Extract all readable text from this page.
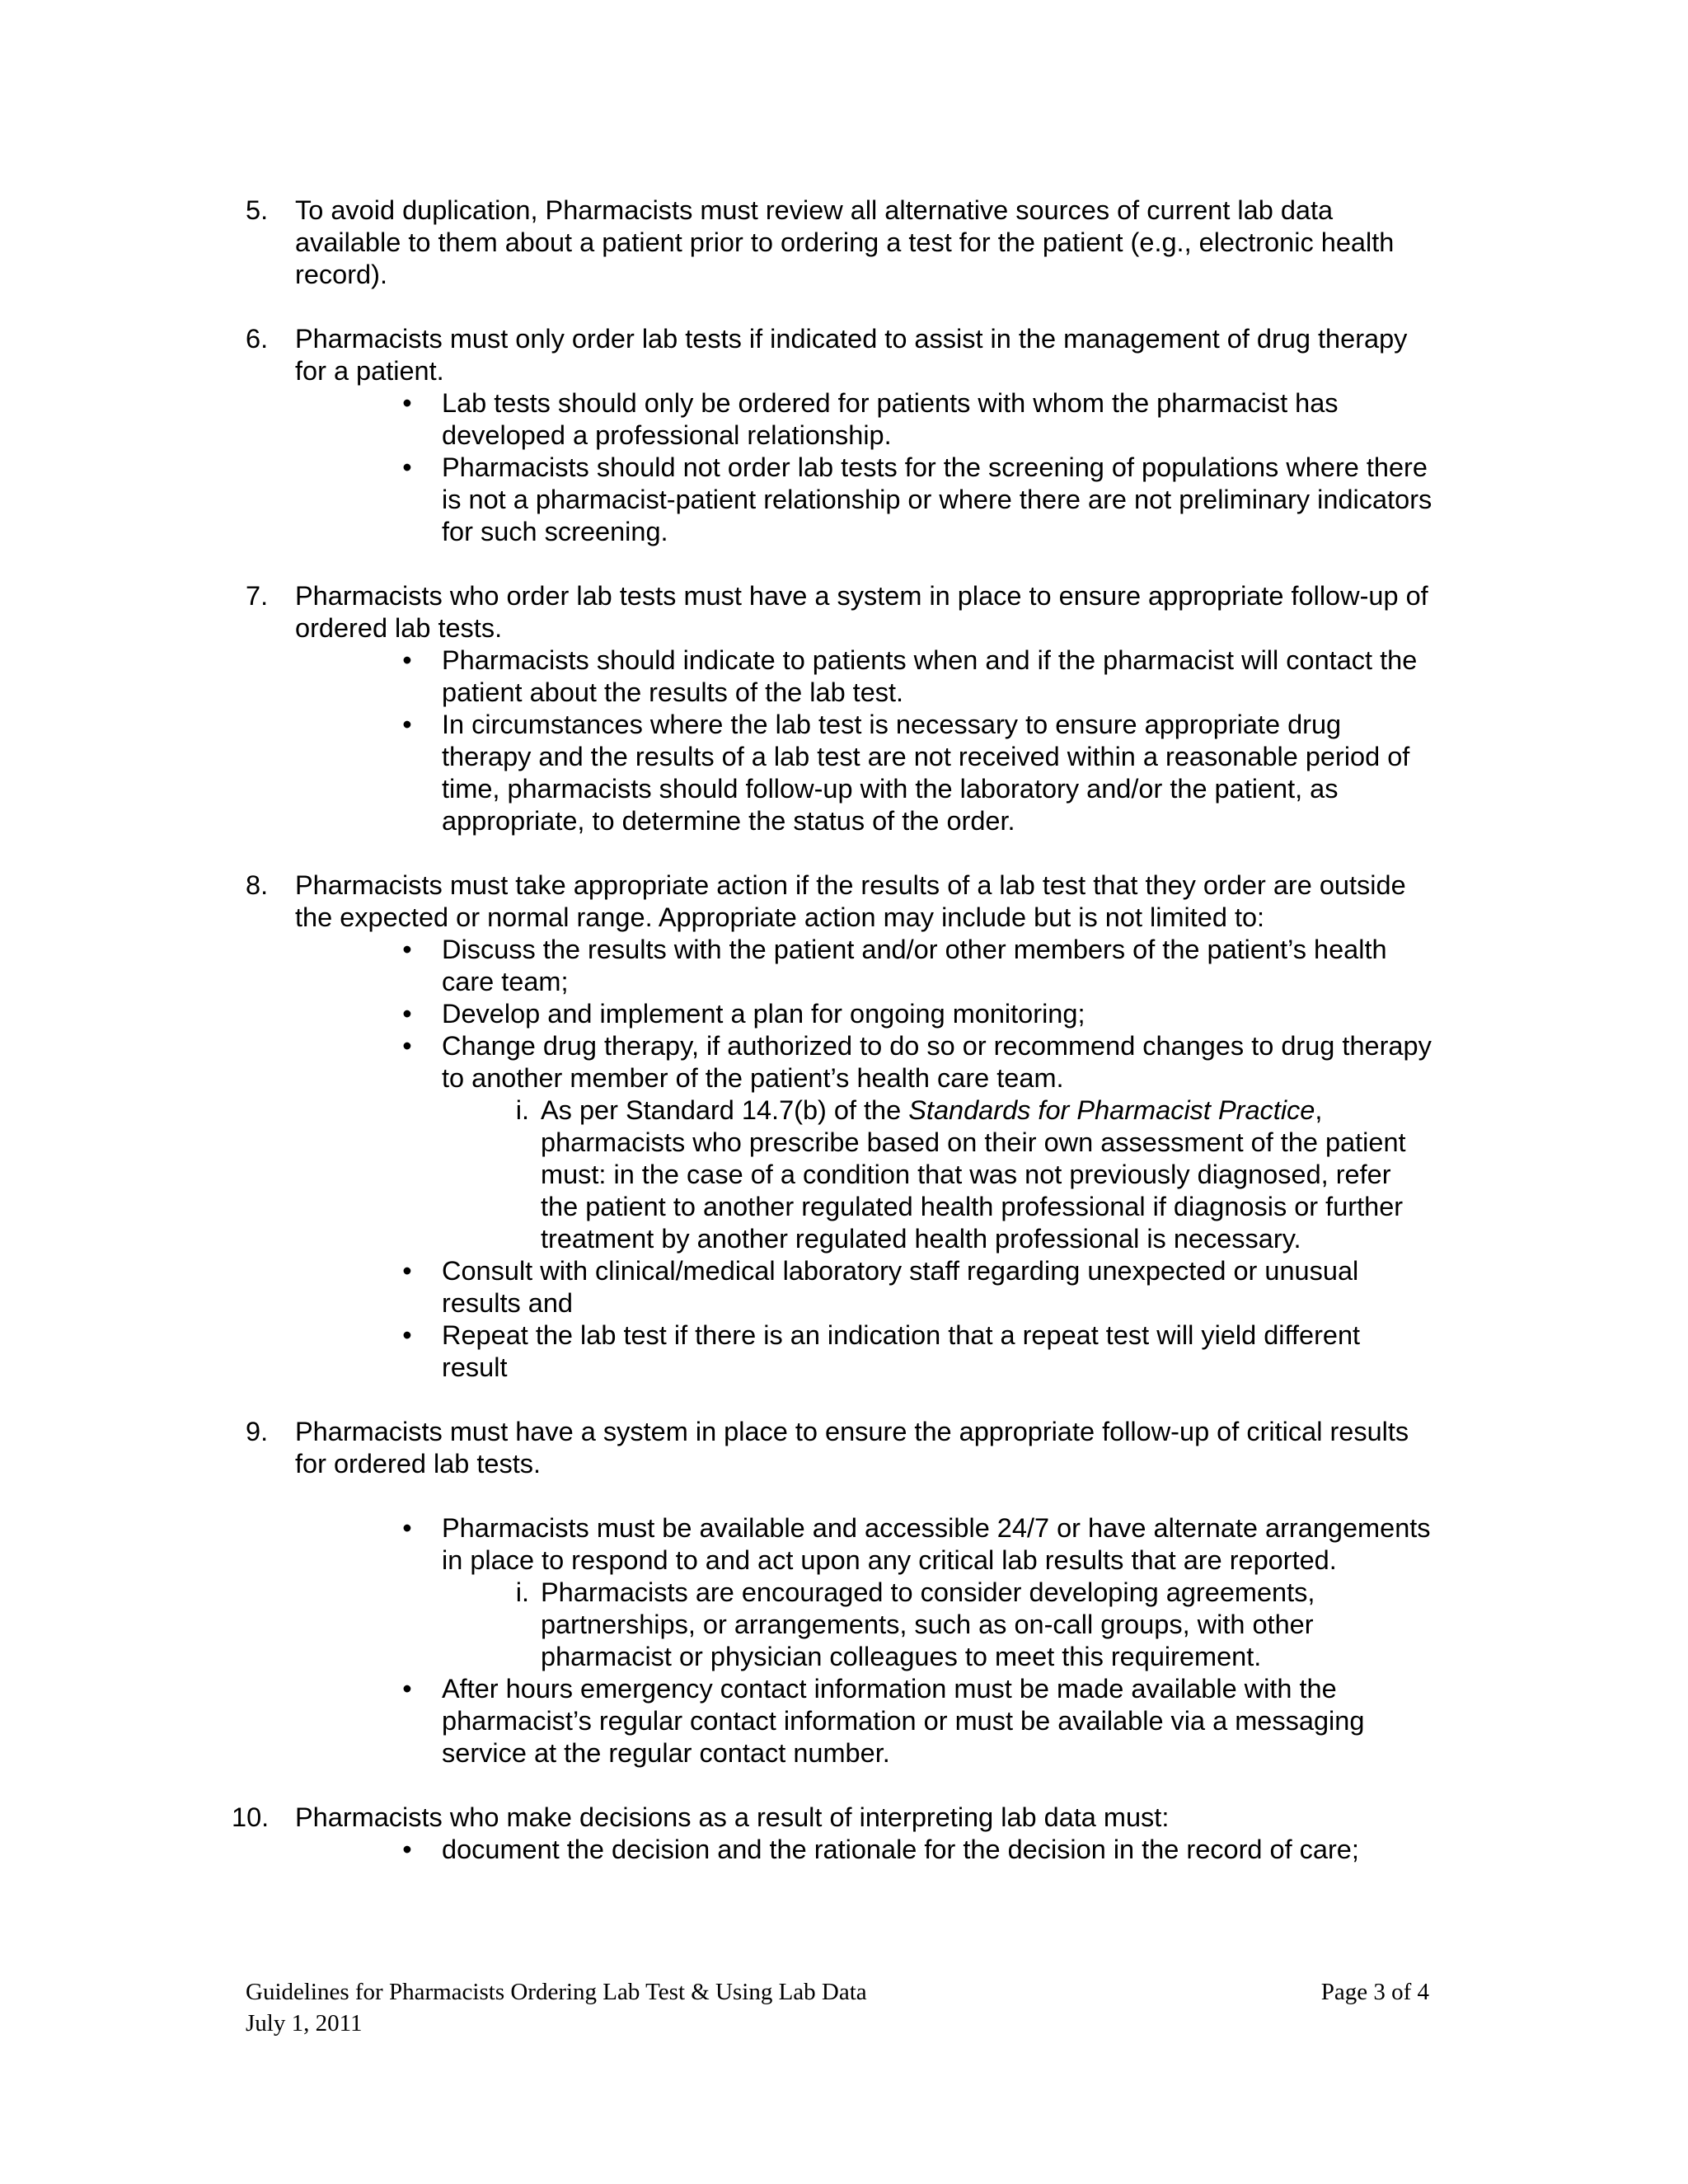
5. To avoid duplication, Pharmacists must review all alternative sources of current lab data available to them about a patient prior to ordering a test for the patient (e.g., electronic health record).
6. Pharmacists must only order lab tests if indicated to assist in the management of drug therapy for a patient.
• Lab tests should only be ordered for patients with whom the pharmacist has developed a professional relationship.
• Pharmacists should not order lab tests for the screening of populations where there is not a pharmacist-patient relationship or where there are not preliminary indicators for such screening.
7. Pharmacists who order lab tests must have a system in place to ensure appropriate follow-up of ordered lab tests.
• Pharmacists should indicate to patients when and if the pharmacist will contact the patient about the results of the lab test.
• In circumstances where the lab test is necessary to ensure appropriate drug therapy and the results of a lab test are not received within a reasonable period of time, pharmacists should follow-up with the laboratory and/or the patient, as appropriate, to determine the status of the order.
8. Pharmacists must take appropriate action if the results of a lab test that they order are outside the expected or normal range. Appropriate action may include but is not limited to:
• Discuss the results with the patient and/or other members of the patient’s health care team;
• Develop and implement a plan for ongoing monitoring;
• Change drug therapy, if authorized to do so or recommend changes to drug therapy to another member of the patient’s health care team.
i. As per Standard 14.7(b) of the Standards for Pharmacist Practice, pharmacists who prescribe based on their own assessment of the patient must: in the case of a condition that was not previously diagnosed, refer the patient to another regulated health professional if diagnosis or further treatment by another regulated health professional is necessary.
• Consult with clinical/medical laboratory staff regarding unexpected or unusual results and
• Repeat the lab test if there is an indication that a repeat test will yield different result
9. Pharmacists must have a system in place to ensure the appropriate follow-up of critical results for ordered lab tests.
• Pharmacists must be available and accessible 24/7 or have alternate arrangements in place to respond to and act upon any critical lab results that are reported.
i. Pharmacists are encouraged to consider developing agreements, partnerships, or arrangements, such as on-call groups, with other pharmacist or physician colleagues to meet this requirement.
• After hours emergency contact information must be made available with the pharmacist’s regular contact information or must be available via a messaging service at the regular contact number.
10. Pharmacists who make decisions as a result of interpreting lab data must:
• document the decision and the rationale for the decision in the record of care;
Guidelines for Pharmacists Ordering Lab Test & Using Lab Data	Page 3 of 4
July 1, 2011
